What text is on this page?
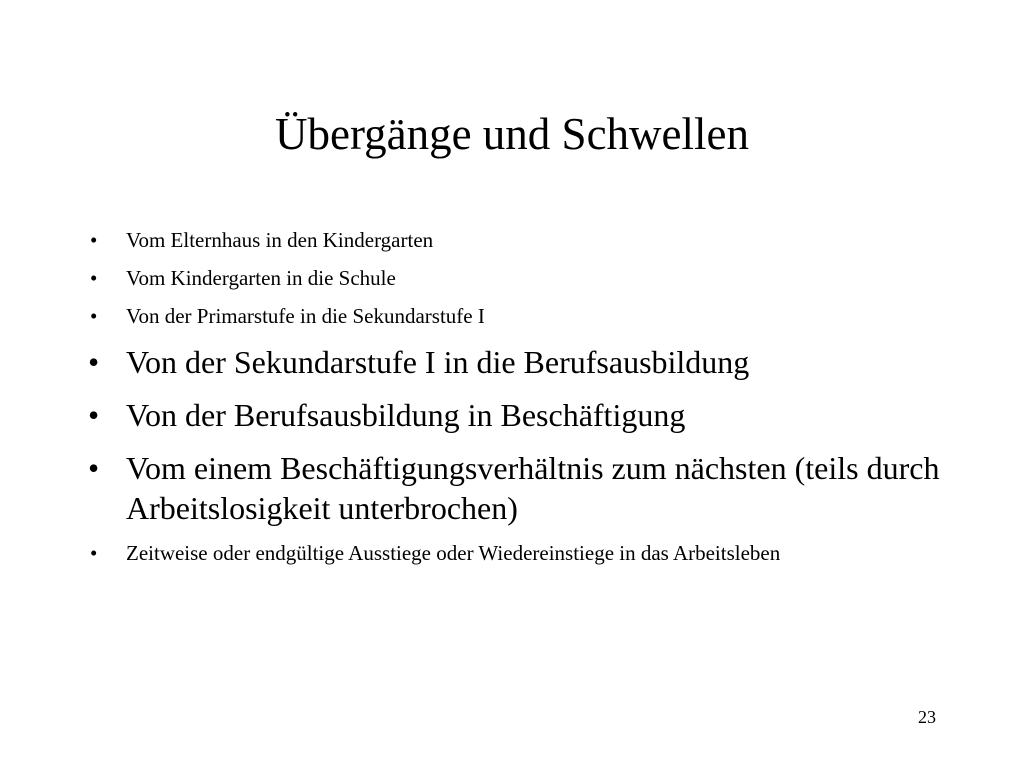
Übergänge und Schwellen
• Vom Elternhaus in den Kindergarten
• Vom Kindergarten in die Schule
• Von der Primarstufe in die Sekundarstufe I
• Von der Sekundarstufe I in die Berufsausbildung
• Von der Berufsausbildung in Beschäftigung
• Vom einem Beschäftigungsverhältnis zum nächsten (teils durch Arbeitslosigkeit unterbrochen)
• Zeitweise oder endgültige Ausstiege oder Wiedereinstiege in das Arbeitsleben
23
